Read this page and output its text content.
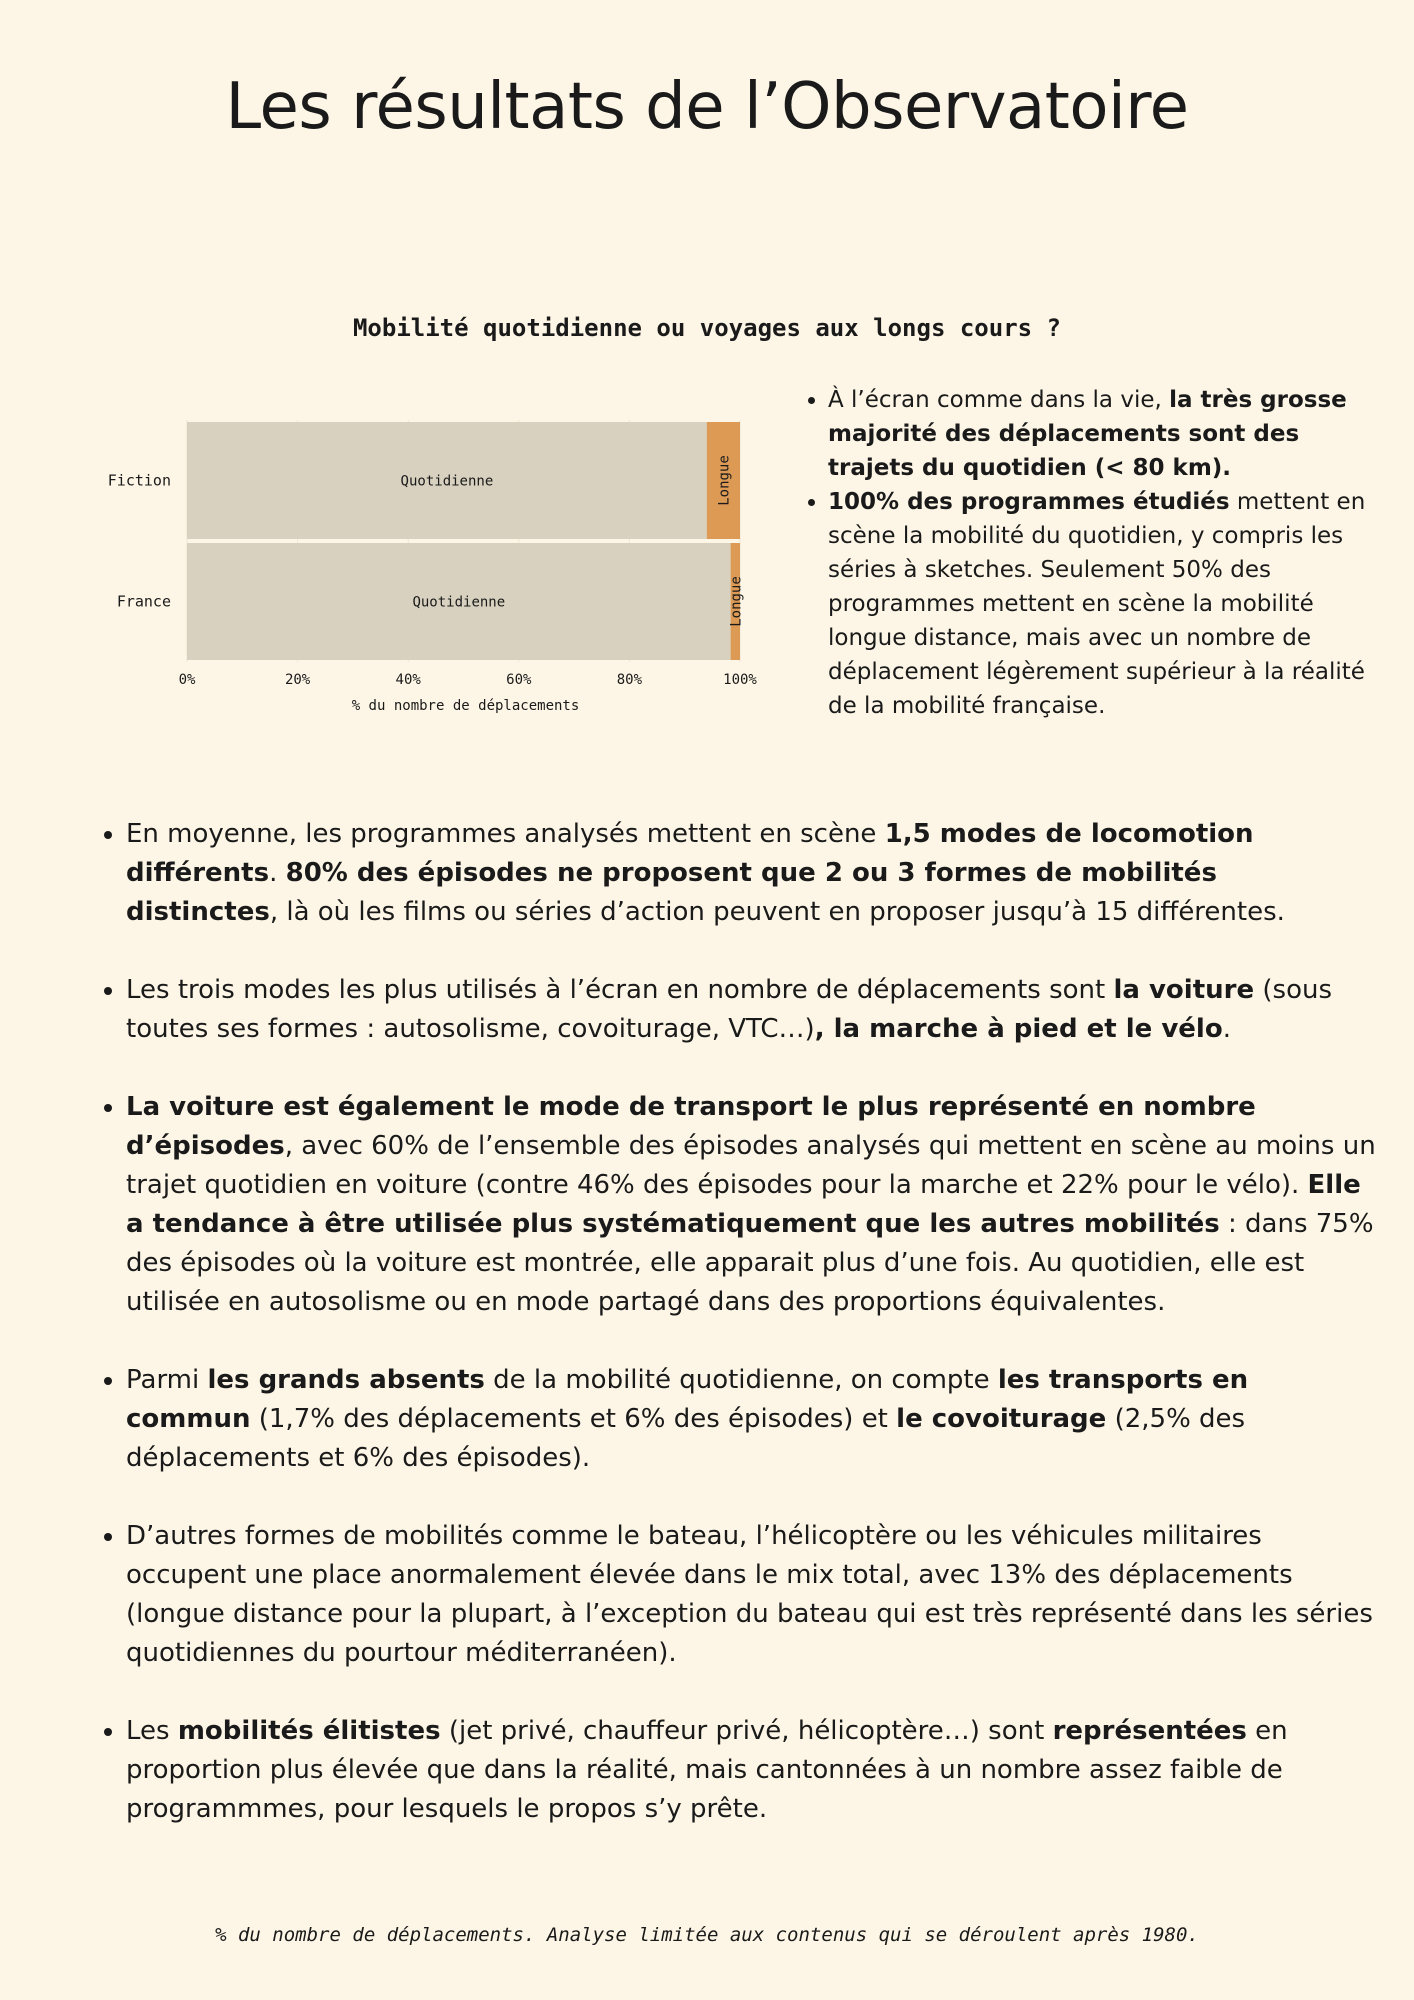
Les résultats de l’Observatoire
Mobilité quotidienne ou voyages aux longs cours ?
Quotidienne	Longue
Fiction
Quotidienne	Longue
France
0%	20%	40%	60%	80%	100%
% du nombre de déplacements
• À l’écran comme dans la vie, la très grosse majorité des déplacements sont des trajets du quotidien (< 80 km).
• 100% des programmes étudiés mettent en scène la mobilité du quotidien, y compris les séries à sketches. Seulement 50% des programmes mettent en scène la mobilité longue distance, mais avec un nombre de déplacement légèrement supérieur à la réalité de la mobilité française.
• En moyenne, les programmes analysés mettent en scène 1,5 modes de locomotion différents. 80% des épisodes ne proposent que 2 ou 3 formes de mobilités distinctes, là où les films ou séries d’action peuvent en proposer jusqu’à 15 différentes.
• Les trois modes les plus utilisés à l’écran en nombre de déplacements sont la voiture (sous toutes ses formes : autosolisme, covoiturage, VTC…), la marche à pied et le vélo.
• La voiture est également le mode de transport le plus représenté en nombre d’épisodes, avec 60% de l’ensemble des épisodes analysés qui mettent en scène au moins un trajet quotidien en voiture (contre 46% des épisodes pour la marche et 22% pour le vélo). Elle a tendance à être utilisée plus systématiquement que les autres mobilités : dans 75% des épisodes où la voiture est montrée, elle apparait plus d’une fois. Au quotidien, elle est utilisée en autosolisme ou en mode partagé dans des proportions équivalentes.
• Parmi les grands absents de la mobilité quotidienne, on compte les transports en commun (1,7% des déplacements et 6% des épisodes) et le covoiturage (2,5% des déplacements et 6% des épisodes).
• D’autres formes de mobilités comme le bateau, l’hélicoptère ou les véhicules militaires occupent une place anormalement élevée dans le mix total, avec 13% des déplacements (longue distance pour la plupart, à l’exception du bateau qui est très représenté dans les séries quotidiennes du pourtour méditerranéen).
• Les mobilités élitistes (jet privé, chauffeur privé, hélicoptère…) sont représentées en proportion plus élevée que dans la réalité, mais cantonnées à un nombre assez faible de programmmes, pour lesquels le propos s’y prête.

% du nombre de déplacements. Analyse limitée aux contenus qui se déroulent après 1980.
